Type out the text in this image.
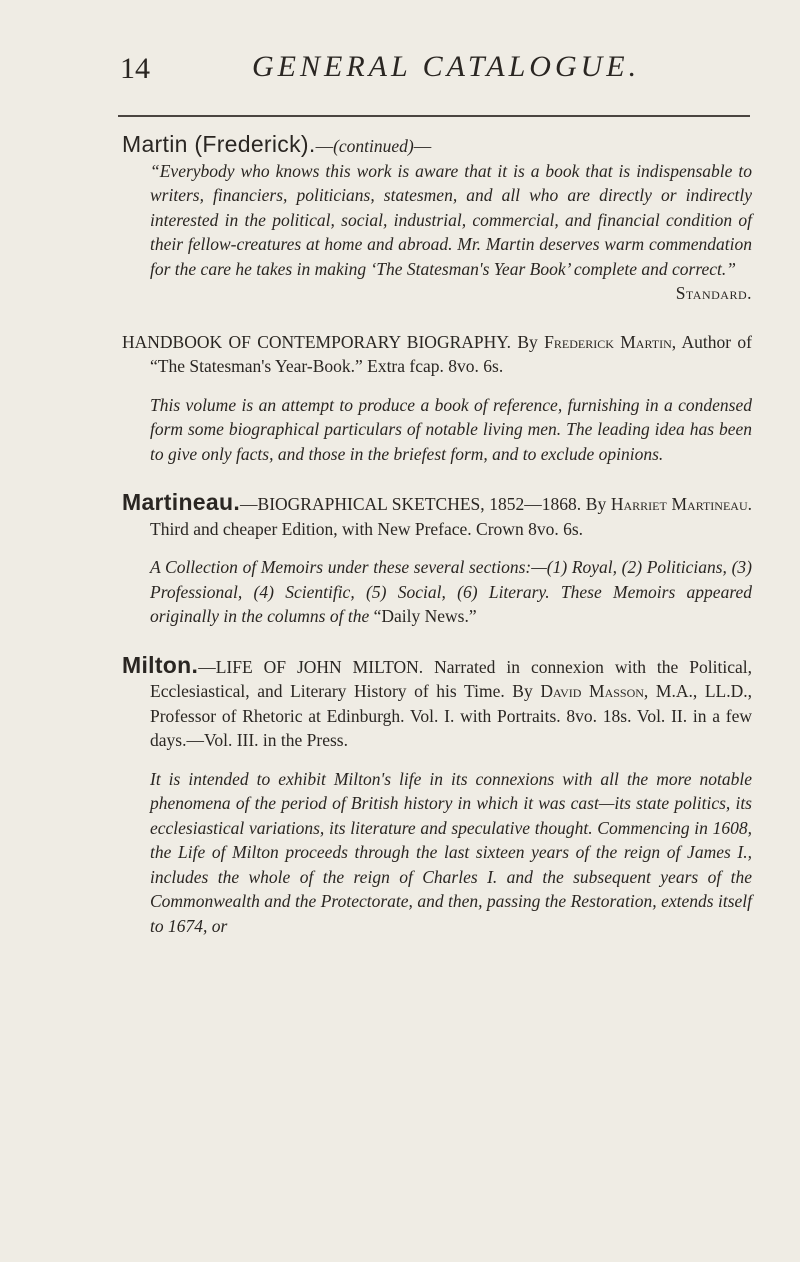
14	GENERAL CATALOGUE.

Martin (Frederick).—(continued)—

“Everybody who knows this work is aware that it is a book that is indispensable to writers, financiers, politicians, statesmen, and all who are directly or indirectly interested in the political, social, industrial, commercial, and financial condition of their fellow-creatures at home and abroad. Mr. Martin deserves warm commendation for the care he takes in making ‘The Statesman's Year Book’ complete and correct.”

Standard.

HANDBOOK OF CONTEMPORARY BIOGRAPHY. By Frederick Martin, Author of “The Statesman's Year-Book.” Extra fcap. 8vo. 6s.

This volume is an attempt to produce a book of reference, furnishing in a condensed form some biographical particulars of notable living men. The leading idea has been to give only facts, and those in the briefest form, and to exclude opinions.

Martineau.—BIOGRAPHICAL SKETCHES, 1852—1868. By Harriet Martineau. Third and cheaper Edition, with New Preface. Crown 8vo. 6s.

A Collection of Memoirs under these several sections:—(1) Royal, (2) Politicians, (3) Professional, (4) Scientific, (5) Social, (6) Literary. These Memoirs appeared originally in the columns of the “Daily News.”

Milton.—LIFE OF JOHN MILTON. Narrated in connexion with the Political, Ecclesiastical, and Literary History of his Time. By David Masson, M.A., LL.D., Professor of Rhetoric at Edinburgh. Vol. I. with Portraits. 8vo. 18s. Vol. II. in a few days.—Vol. III. in the Press.

It is intended to exhibit Milton's life in its connexions with all the more notable phenomena of the period of British history in which it was cast—its state politics, its ecclesiastical variations, its literature and speculative thought. Commencing in 1608, the Life of Milton proceeds through the last sixteen years of the reign of James I., includes the whole of the reign of Charles I. and the subsequent years of the Commonwealth and the Protectorate, and then, passing the Restoration, extends itself to 1674, or
